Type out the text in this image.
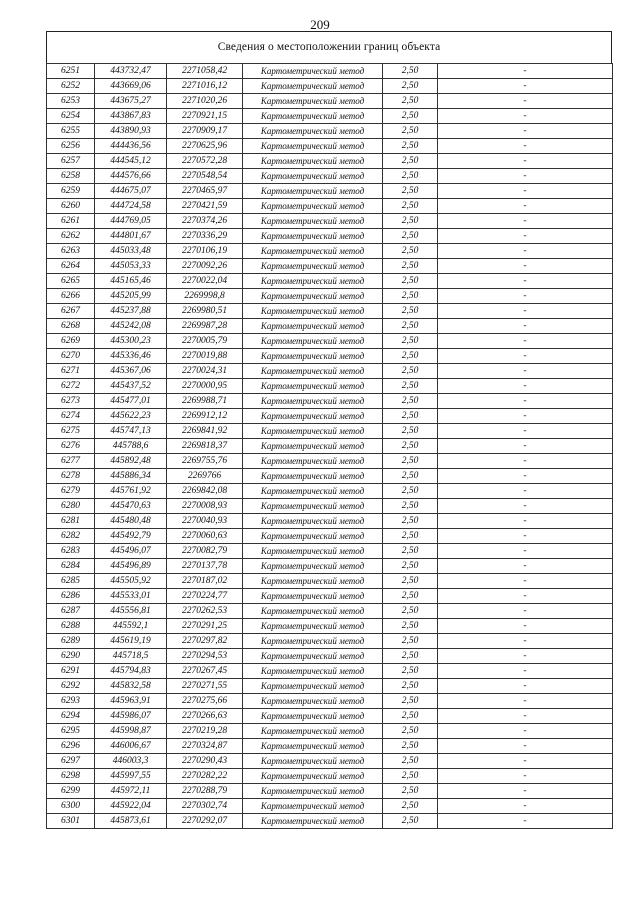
209
Сведения о местоположении границ объекта
6251	443732,47	2271058,42	Картометрический метод	2,50	-
6252	443669,06	2271016,12	Картометрический метод	2,50	-
6253	443675,27	2271020,26	Картометрический метод	2,50	-
6254	443867,83	2270921,15	Картометрический метод	2,50	-
6255	443890,93	2270909,17	Картометрический метод	2,50	-
6256	444436,56	2270625,96	Картометрический метод	2,50	-
6257	444545,12	2270572,28	Картометрический метод	2,50	-
6258	444576,66	2270548,54	Картометрический метод	2,50	-
6259	444675,07	2270465,97	Картометрический метод	2,50	-
6260	444724,58	2270421,59	Картометрический метод	2,50	-
6261	444769,05	2270374,26	Картометрический метод	2,50	-
6262	444801,67	2270336,29	Картометрический метод	2,50	-
6263	445033,48	2270106,19	Картометрический метод	2,50	-
6264	445053,33	2270092,26	Картометрический метод	2,50	-
6265	445165,46	2270022,04	Картометрический метод	2,50	-
6266	445205,99	2269998,8	Картометрический метод	2,50	-
6267	445237,88	2269980,51	Картометрический метод	2,50	-
6268	445242,08	2269987,28	Картометрический метод	2,50	-
6269	445300,23	2270005,79	Картометрический метод	2,50	-
6270	445336,46	2270019,88	Картометрический метод	2,50	-
6271	445367,06	2270024,31	Картометрический метод	2,50	-
6272	445437,52	2270000,95	Картометрический метод	2,50	-
6273	445477,01	2269988,71	Картометрический метод	2,50	-
6274	445622,23	2269912,12	Картометрический метод	2,50	-
6275	445747,13	2269841,92	Картометрический метод	2,50	-
6276	445788,6	2269818,37	Картометрический метод	2,50	-
6277	445892,48	2269755,76	Картометрический метод	2,50	-
6278	445886,34	2269766	Картометрический метод	2,50	-
6279	445761,92	2269842,08	Картометрический метод	2,50	-
6280	445470,63	2270008,93	Картометрический метод	2,50	-
6281	445480,48	2270040,93	Картометрический метод	2,50	-
6282	445492,79	2270060,63	Картометрический метод	2,50	-
6283	445496,07	2270082,79	Картометрический метод	2,50	-
6284	445496,89	2270137,78	Картометрический метод	2,50	-
6285	445505,92	2270187,02	Картометрический метод	2,50	-
6286	445533,01	2270224,77	Картометрический метод	2,50	-
6287	445556,81	2270262,53	Картометрический метод	2,50	-
6288	445592,1	2270291,25	Картометрический метод	2,50	-
6289	445619,19	2270297,82	Картометрический метод	2,50	-
6290	445718,5	2270294,53	Картометрический метод	2,50	-
6291	445794,83	2270267,45	Картометрический метод	2,50	-
6292	445832,58	2270271,55	Картометрический метод	2,50	-
6293	445963,91	2270275,66	Картометрический метод	2,50	-
6294	445986,07	2270266,63	Картометрический метод	2,50	-
6295	445998,87	2270219,28	Картометрический метод	2,50	-
6296	446006,67	2270324,87	Картометрический метод	2,50	-
6297	446003,3	2270290,43	Картометрический метод	2,50	-
6298	445997,55	2270282,22	Картометрический метод	2,50	-
6299	445972,11	2270288,79	Картометрический метод	2,50	-
6300	445922,04	2270302,74	Картометрический метод	2,50	-
6301	445873,61	2270292,07	Картометрический метод	2,50	-
